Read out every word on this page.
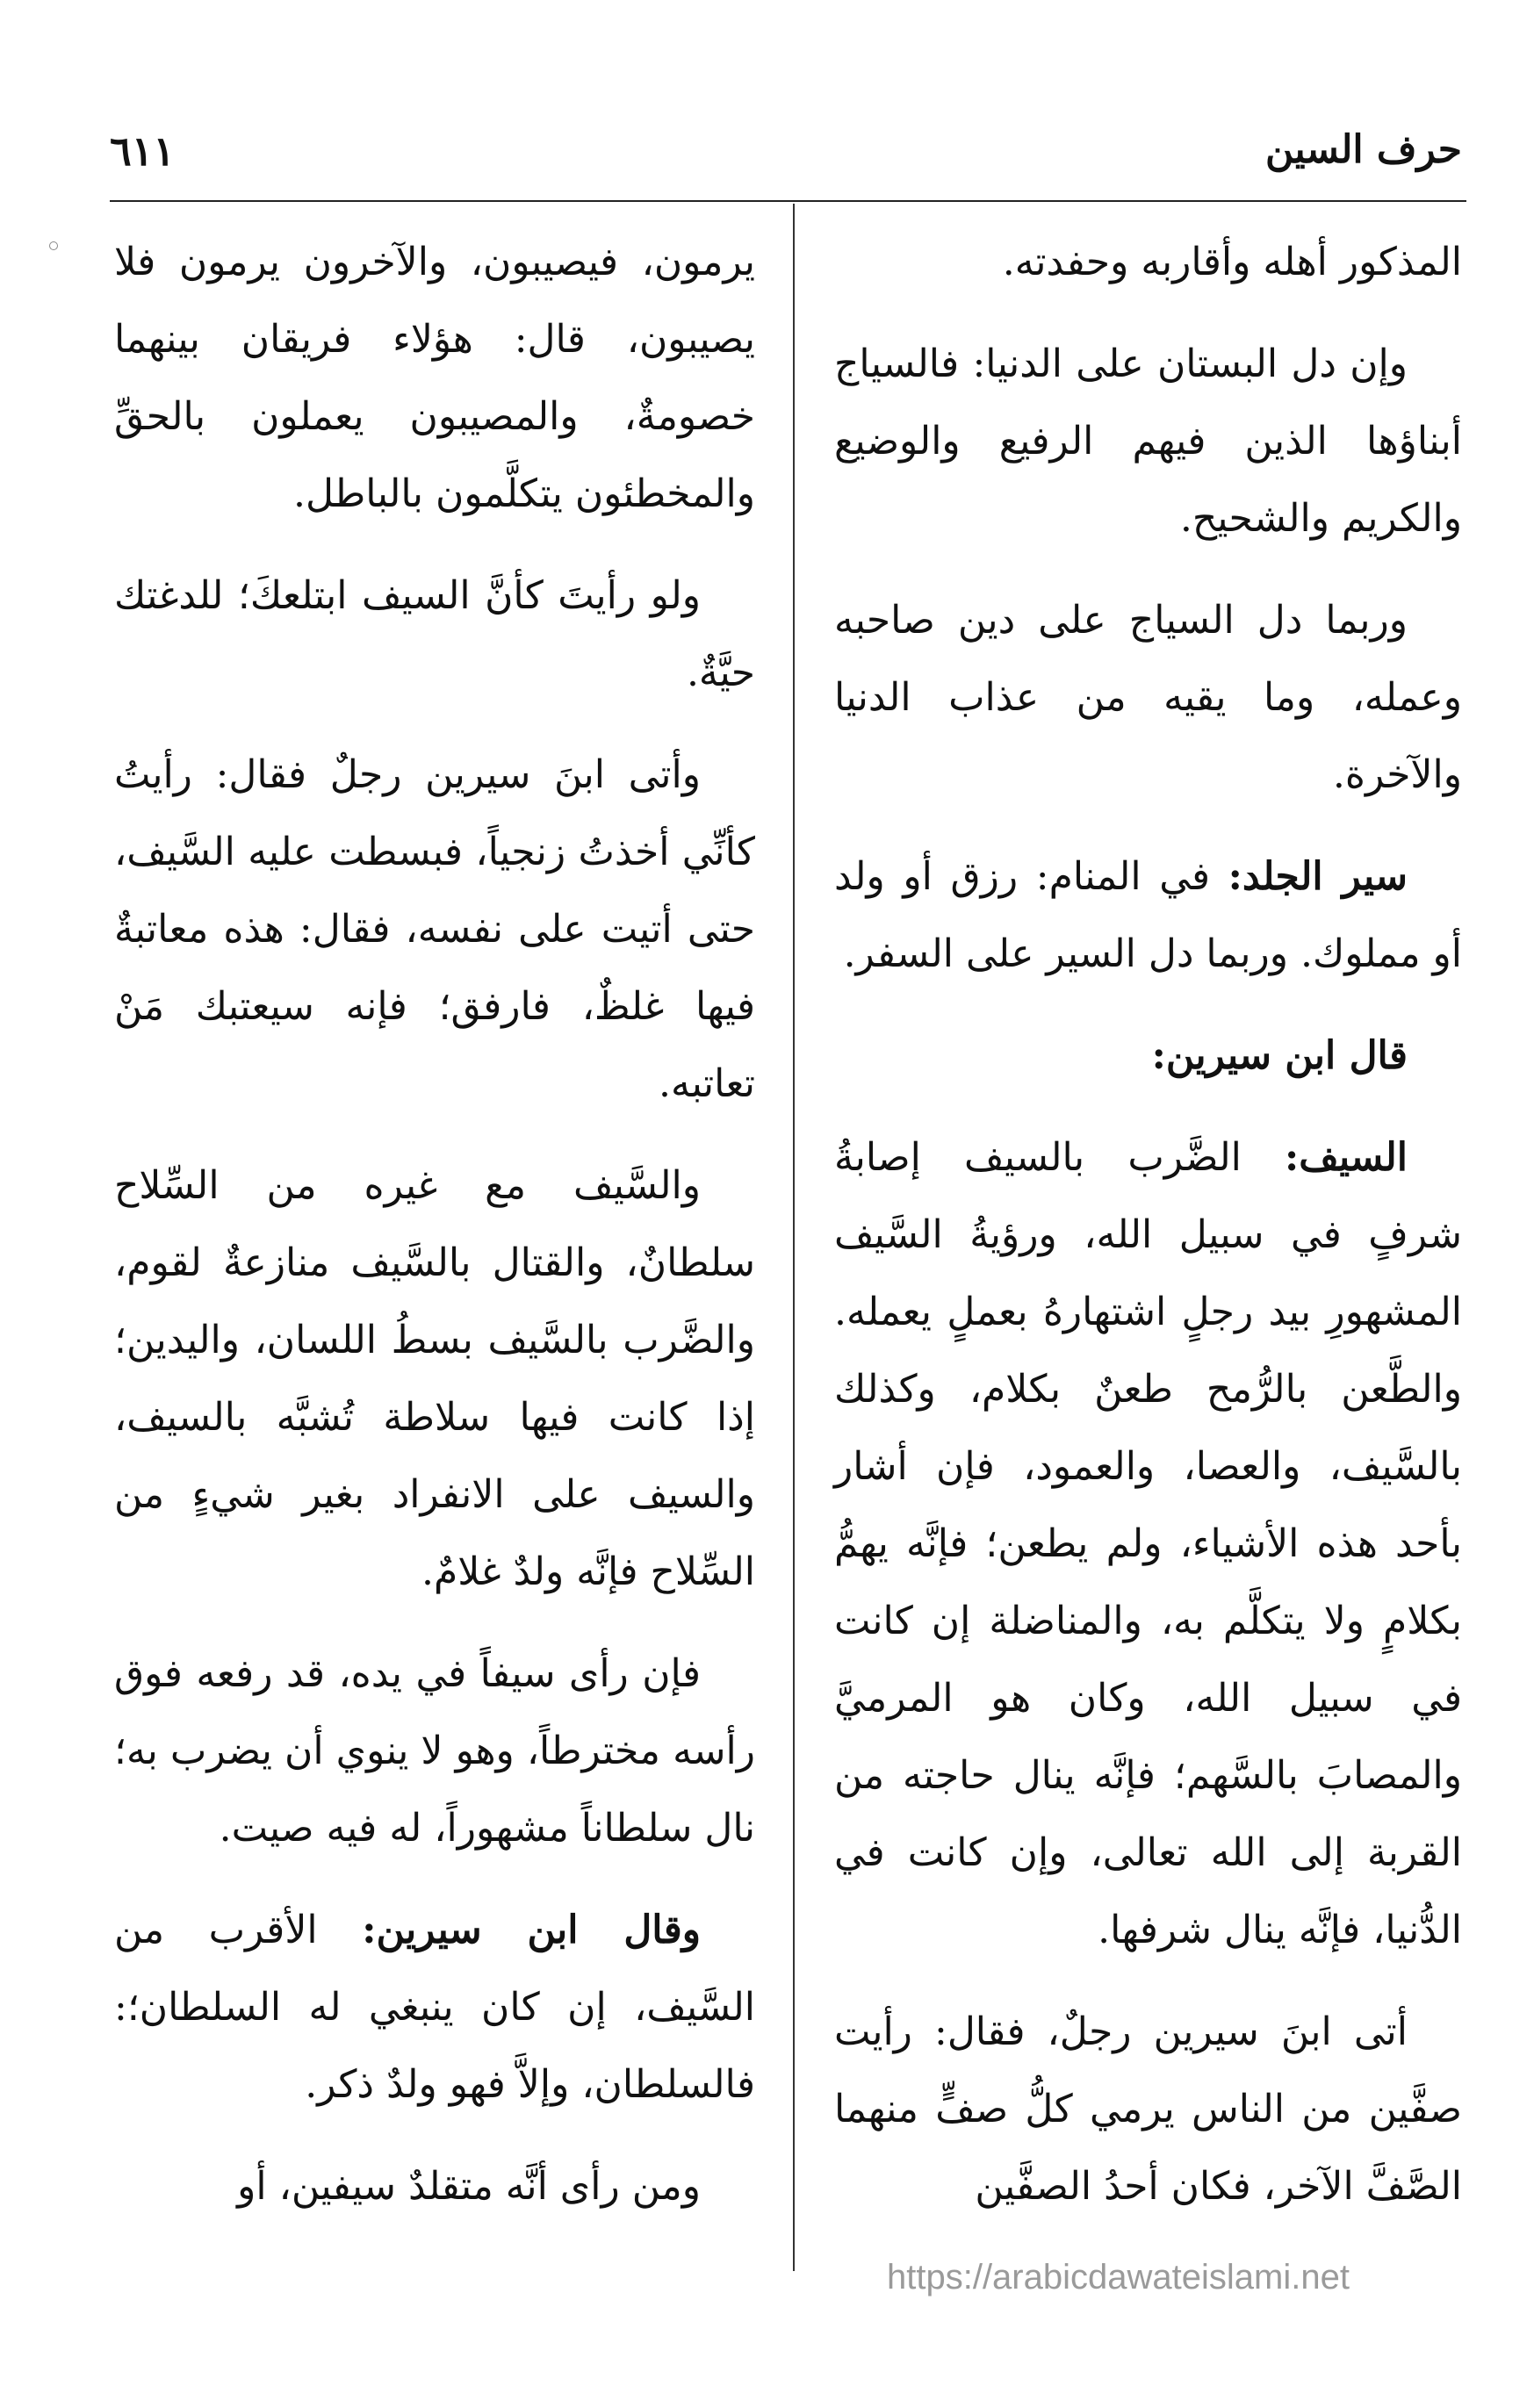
حرف السين
٦١١

المذكور أهله وأقاربه وحفدته.

وإن دل البستان على الدنيا: فالسياج أبناؤها الذين فيهم الرفيع والوضيع والكريم والشحيح.

وربما دل السياج على دين صاحبه وعمله، وما يقيه من عذاب الدنيا والآخرة.

سير الجلد: في المنام: رزق أو ولد أو مملوك. وربما دل السير على السفر.

قال ابن سيرين:

السيف: الضَّرب بالسيف إصابةُ شرفٍ في سبيل الله، ورؤيةُ السَّيف المشهورِ بيد رجلٍ اشتهارهُ بعملٍ يعمله. والطَّعن بالرُّمح طعنٌ بكلام، وكذلك بالسَّيف، والعصا، والعمود، فإن أشار بأحد هذه الأشياء، ولم يطعن؛ فإنَّه يهمُّ بكلامٍ ولا يتكلَّم به، والمناضلة إن كانت في سبيل الله، وكان هو المرميَّ والمصابَ بالسَّهم؛ فإنَّه ينال حاجته من القربة إلى الله تعالى، وإن كانت في الدُّنيا، فإنَّه ينال شرفها.

أتى ابنَ سيرين رجلٌ، فقال: رأيت صفَّين من الناس يرمي كلُّ صفٍّ منهما الصَّفَّ الآخر، فكان أحدُ الصفَّين

يرمون، فيصيبون، والآخرون يرمون فلا يصيبون، قال: هؤلاء فريقان بينهما خصومةٌ، والمصيبون يعملون بالحقِّ والمخطئون يتكلَّمون بالباطل.

ولو رأيتَ كأنَّ السيف ابتلعكَ؛ للدغتك حيَّةٌ.

وأتى ابنَ سيرين رجلٌ فقال: رأيتُ كأنِّي أخذتُ زنجياً، فبسطت عليه السَّيف، حتى أتيت على نفسه، فقال: هذه معاتبةٌ فيها غلظٌ، فارفق؛ فإنه سيعتبك مَنْ تعاتبه.

والسَّيف مع غيره من السِّلاح سلطانٌ، والقتال بالسَّيف منازعةٌ لقوم، والضَّرب بالسَّيف بسطُ اللسان، واليدين؛ إذا كانت فيها سلاطة تُشبَّه بالسيف، والسيف على الانفراد بغير شيءٍ من السِّلاح فإنَّه ولدٌ غلامٌ.

فإن رأى سيفاً في يده، قد رفعه فوق رأسه مخترطاً، وهو لا ينوي أن يضرب به؛ نال سلطاناً مشهوراً، له فيه صيت.

وقال ابن سيرين: الأقرب من السَّيف، إن كان ينبغي له السلطان؛: فالسلطان، وإلاَّ فهو ولدٌ ذكر.

ومن رأى أنَّه متقلدٌ سيفين، أو

https://arabicdawateislami.net
